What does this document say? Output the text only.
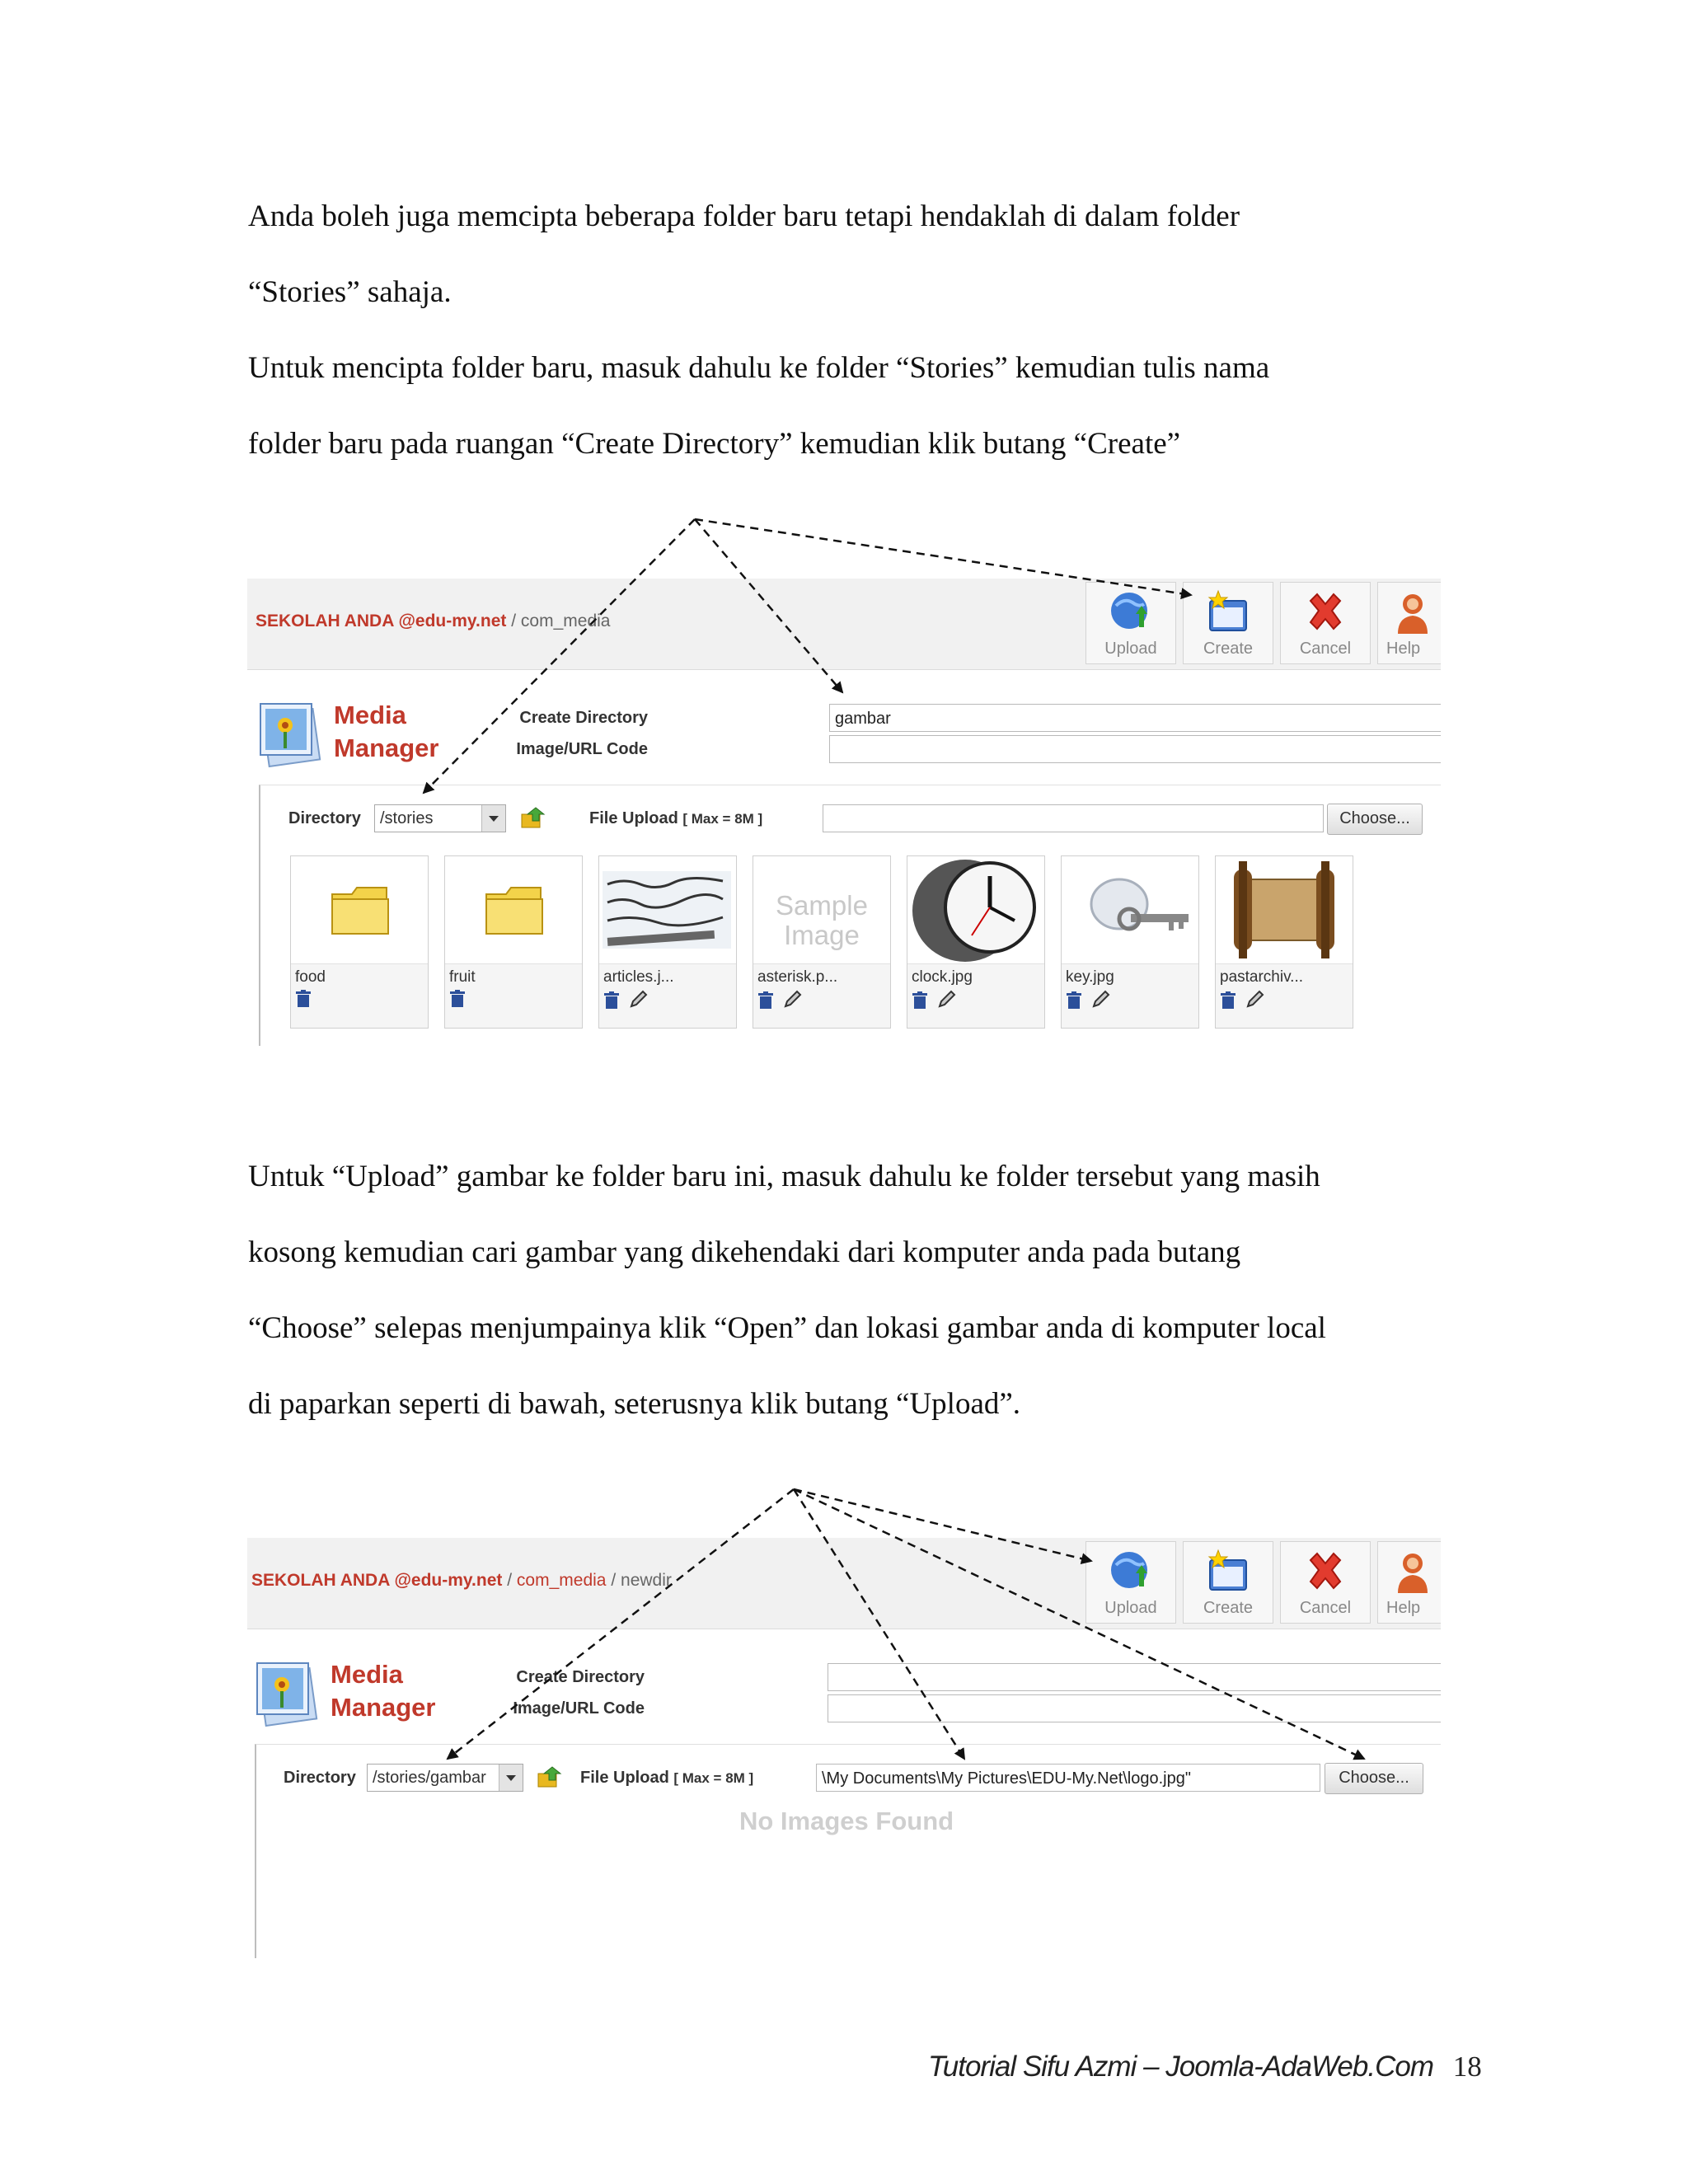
Anda boleh juga memcipta beberapa folder baru tetapi hendaklah di dalam folder
“Stories” sahaja.
Untuk mencipta folder baru, masuk dahulu ke folder “Stories” kemudian tulis nama
folder baru pada ruangan “Create Directory” kemudian klik butang “Create”
SEKOLAH ANDA @edu-my.net / com_media
Upload	Create	Cancel	Help
Media
Manager
Create Directory	gambar
Image/URL Code
Directory	/stories	File Upload [ Max = 8M ]	Choose...
food	fruit	articles.j...

Sample
Image
asterisk.p...
	clock.jpg
	key.jpg
	pastarchiv...

Untuk “Upload” gambar ke folder baru ini, masuk dahulu ke folder tersebut yang masih
kosong kemudian cari gambar yang dikehendaki dari komputer anda pada butang
“Choose” selepas menjumpainya klik “Open” dan lokasi gambar anda di komputer local
di paparkan seperti di bawah, seterusnya klik butang “Upload”.
SEKOLAH ANDA @edu-my.net / com_media / newdir
Upload	Create	Cancel	Help
Media
Manager
Create Directory
Image/URL Code
Directory	/stories/gambar	File Upload [ Max = 8M ]	\My Documents\My Pictures\EDU-My.Net\logo.jpg"	Choose...
No Images Found
Tutorial Sifu Azmi – Joomla-AdaWeb.Com 18
